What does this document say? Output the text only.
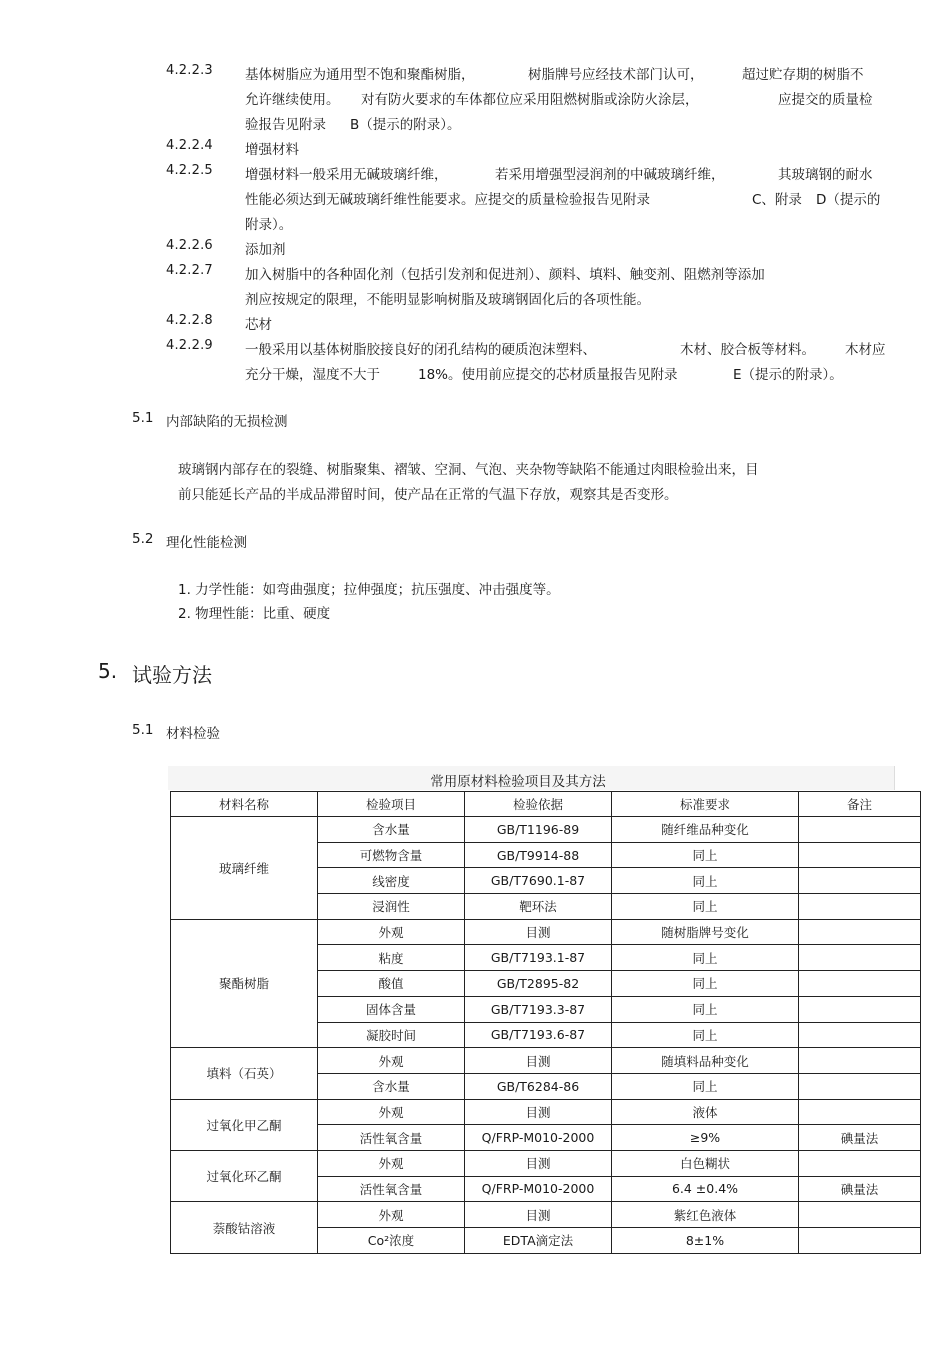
4.2.2.3 基体树脂应为通用型不饱和聚酯树脂，	树脂牌号应经技术部门认可，	超过贮存期的树脂不
允许继续使用。 对有防火要求的车体都位应采用阻燃树脂或涂防火涂层，	应提交的质量检
验报告见附录 B（提示的附录）。
4.2.2.4 增强材料
4.2.2.5 增强材料一般采用无碱玻璃纤维，	若采用增强型浸润剂的中碱玻璃纤维，	其玻璃钢的耐水
性能必须达到无碱玻璃纤维性能要求。应提交的质量检验报告见附录	C、附录 D（提示的
附录）。
4.2.2.6 添加剂
4.2.2.7 加入树脂中的各种固化剂（包括引发剂和促进剂）、颜料、填料、触变剂、阻燃剂等添加
剂应按规定的限理，不能明显影响树脂及玻璃钢固化后的各项性能。
4.2.2.8 芯材
4.2.2.9 一般采用以基体树脂胶接良好的闭孔结构的硬质泡沫塑料、	木材、胶合板等材料。 木材应
充分干燥，湿度不大于	18%。使用前应提交的芯材质量报告见附录	E（提示的附录）。
5.1 内部缺陷的无损检测
玻璃钢内部存在的裂缝、树脂聚集、褶皱、空洞、气泡、夹杂物等缺陷不能通过肉眼检验出来，目
前只能延长产品的半成品滞留时间，使产品在正常的气温下存放，观察其是否变形。
5.2 理化性能检测
1. 力学性能：如弯曲强度；拉伸强度；抗压强度、冲击强度等。
2. 物理性能：比重、硬度
5. 试验方法
5.1 材料检验
常用原材料检验项目及其方法
材料名称	检验项目	检验依据	标准要求	备注
玻璃纤维	含水量	GB/T1196-89	随纤维品种变化	
	可燃物含量	GB/T9914-88	同上	
	线密度	GB/T7690.1-87	同上	
	浸润性	靶环法	同上	
聚酯树脂	外观	目测	随树脂牌号变化	
	粘度	GB/T7193.1-87	同上	
	酸值	GB/T2895-82	同上	
	固体含量	GB/T7193.3-87	同上	
	凝胶时间	GB/T7193.6-87	同上	
填料（石英）	外观	目测	随填料品种变化	
	含水量	GB/T6284-86	同上	
过氧化甲乙酮	外观	目测	液体	
	活性氧含量	Q/FRP-M010-2000	≥9%	碘量法
过氧化环乙酮	外观	目测	白色糊状	
	活性氧含量	Q/FRP-M010-2000	6.4 ±0.4%	碘量法
萘酸钴溶液	外观	目测	紫红色液体	
	Co²浓度	EDTA滴定法	8±1%	
